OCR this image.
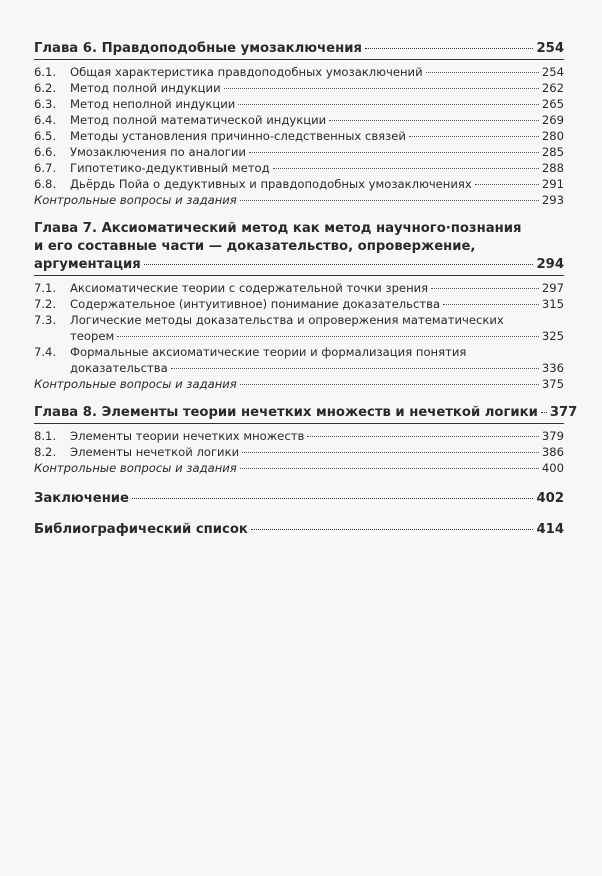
Глава 6. Правдоподобные умозаключения	254
6.1.	Общая характеристика правдоподобных умозаключений	254
6.2.	Метод полной индукции	262
6.3.	Метод неполной индукции	265
6.4.	Метод полной математической индукции	269
6.5.	Методы установления причинно-следственных связей	280
6.6.	Умозаключения по аналогии	285
6.7.	Гипотетико-дедуктивный метод	288
6.8.	Дьёрдь Пойа о дедуктивных и правдоподобных умозаключениях	291
Контрольные вопросы и задания	293
Глава 7. Аксиоматический метод как метод научного·познания
и его составные части — доказательство, опровержение,
аргументация	294
7.1.	Аксиоматические теории с содержательной точки зрения	297
7.2.	Содержательное (интуитивное) понимание доказательства	315
7.3.	Логические методы доказательства и опровержения математических
теорем	325
7.4.	Формальные аксиоматические теории и формализация понятия
доказательства	336
Контрольные вопросы и задания	375
Глава 8. Элементы теории нечетких множеств и нечеткой логики 377
8.1.	Элементы теории нечетких множеств	379
8.2.	Элементы нечеткой логики	386
Контрольные вопросы и задания	400
Заключение	402
Библиографический список	414
